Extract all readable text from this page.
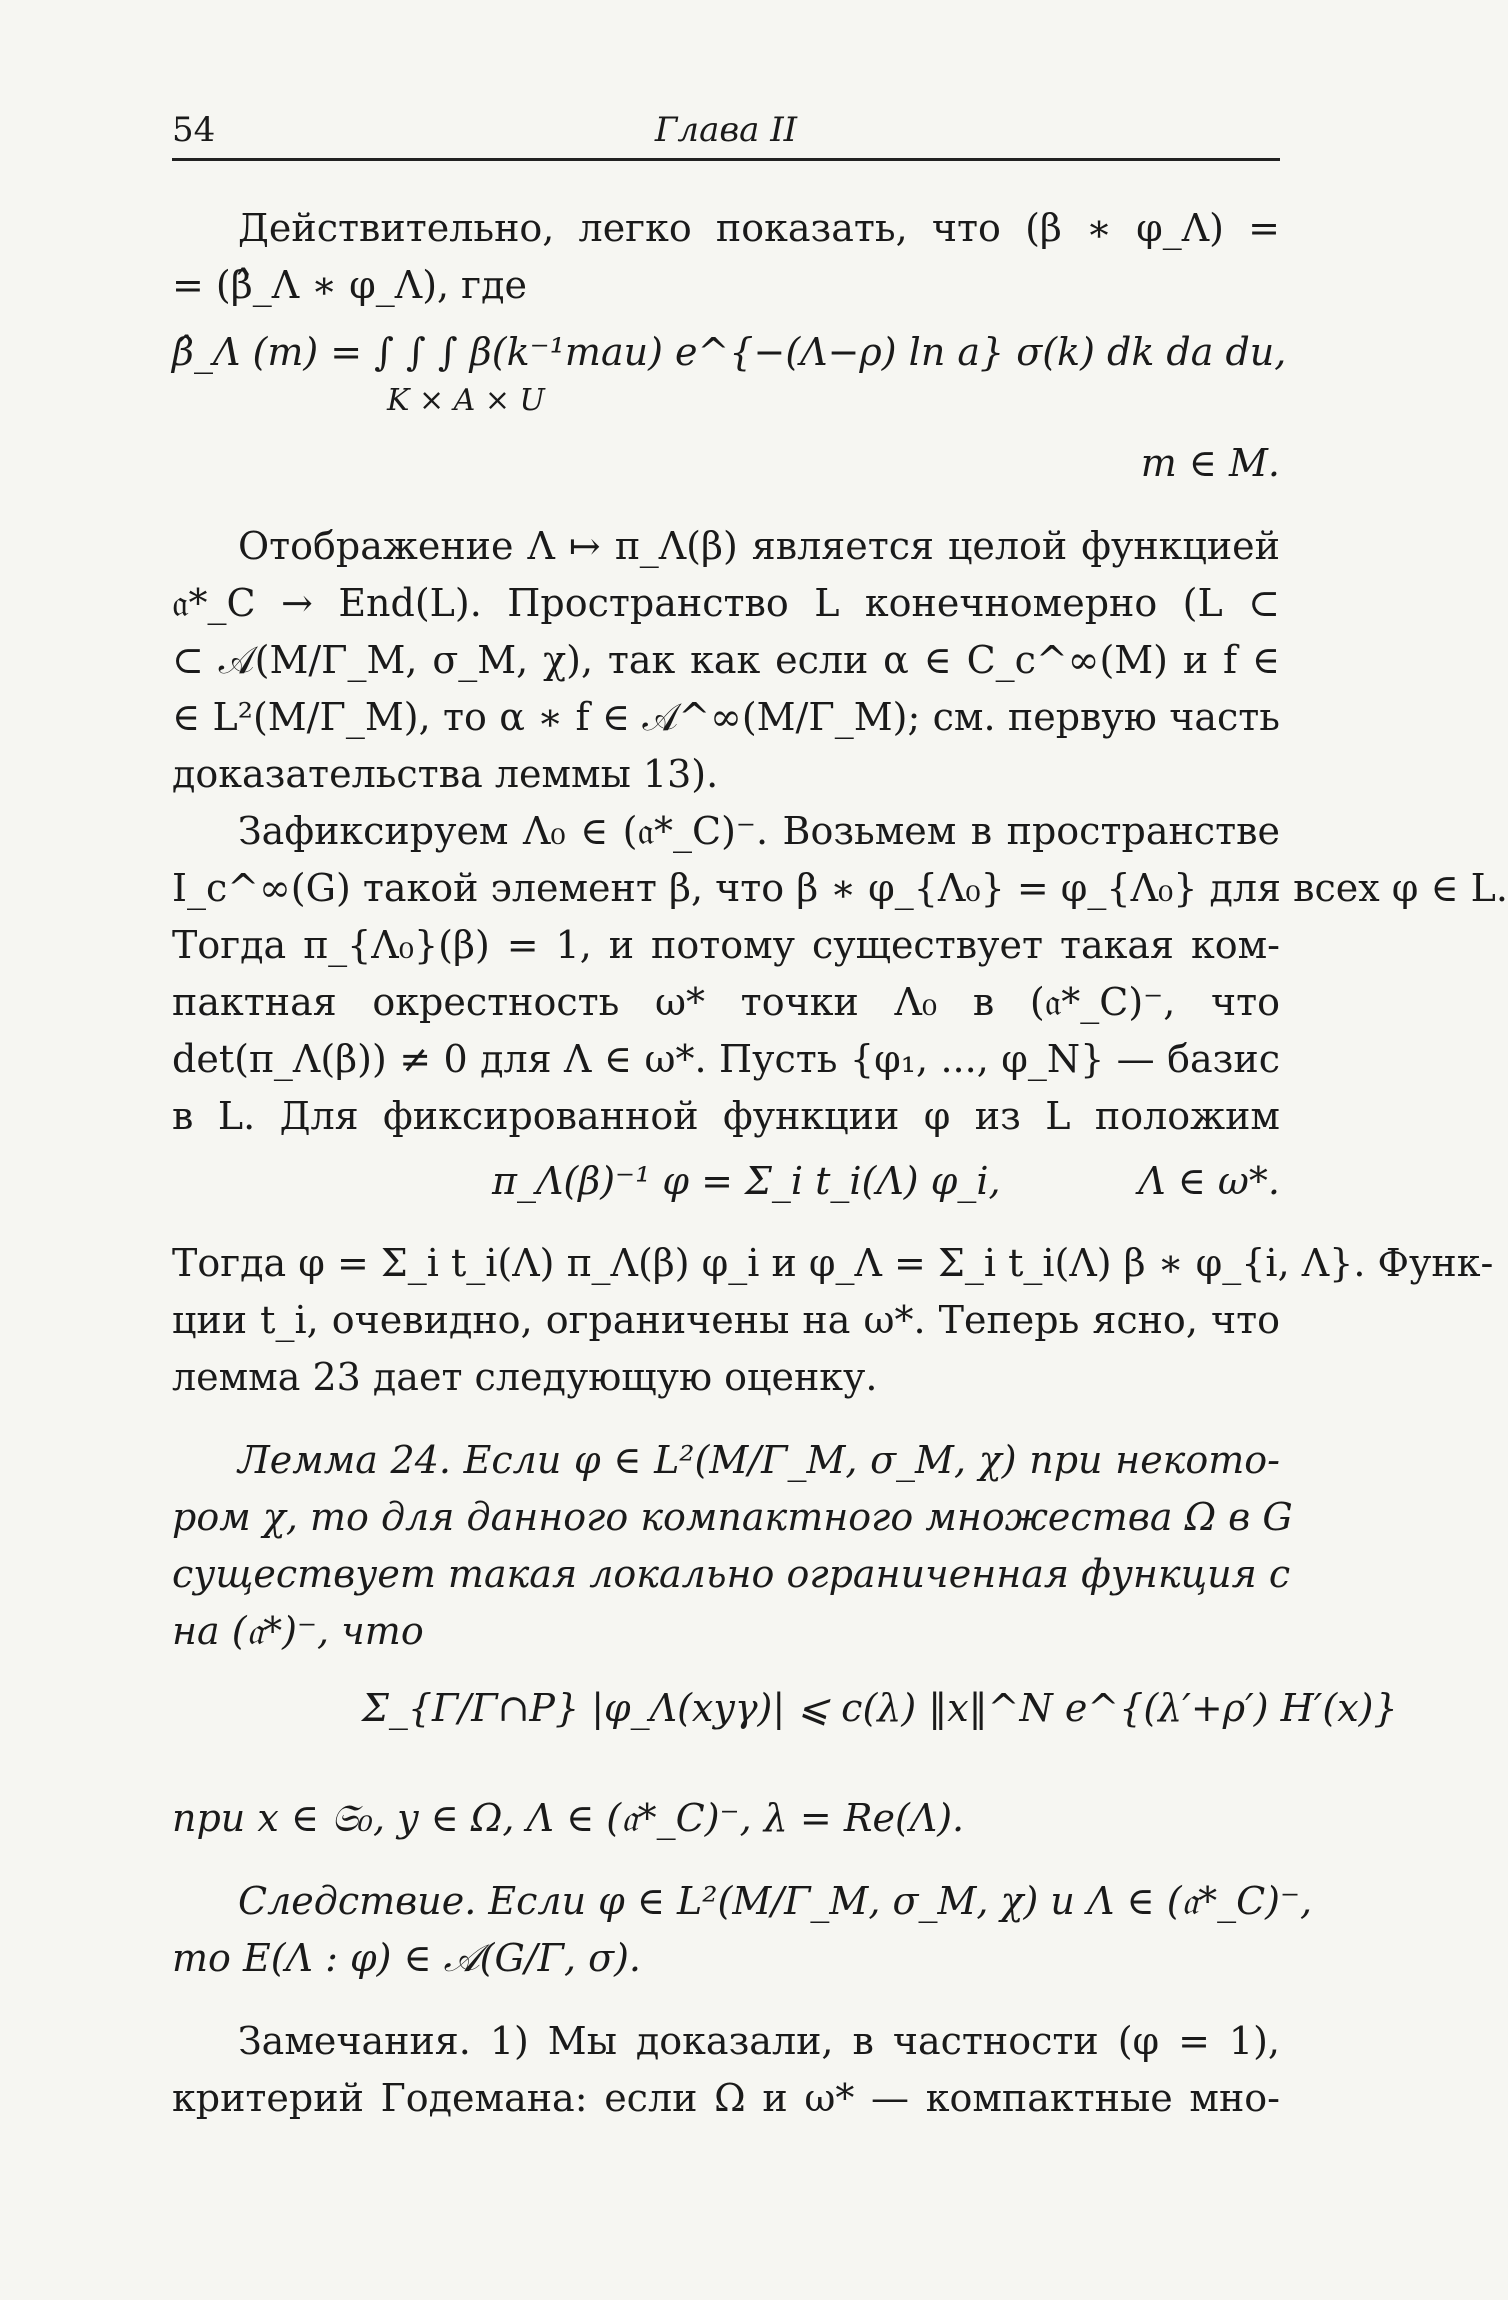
54	Глава II
Действительно, легко показать, что (β ∗ φ_Λ) =
= (β̂_Λ ∗ φ_Λ), где
β̂_Λ (m) = ∫ ∫ ∫ β(k⁻¹mau) e^{−(Λ−ρ) ln a} σ(k) dk da du,
K × A × U
m ∈ M.
Отображение Λ ↦ π_Λ(β) является целой функцией
𝔞*_C → End(L). Пространство L конечномерно (L ⊂
⊂ 𝒜(M/Γ_M, σ_M, χ), так как если α ∈ C_c^∞(M) и f ∈
∈ L²(M/Γ_M), то α ∗ f ∈ 𝒜^∞(M/Γ_M); см. первую часть
доказательства леммы 13).
Зафиксируем Λ₀ ∈ (𝔞*_C)⁻. Возьмем в пространстве
I_c^∞(G) такой элемент β, что β ∗ φ_{Λ₀} = φ_{Λ₀} для всех φ ∈ L.
Тогда π_{Λ₀}(β) = 1, и потому существует такая ком-
пактная окрестность ω* точки Λ₀ в (𝔞*_C)⁻, что
det(π_Λ(β)) ≠ 0 для Λ ∈ ω*. Пусть {φ₁, ..., φ_N} — базис
в L. Для фиксированной функции φ из L положим
π_Λ(β)⁻¹ φ = Σ_i t_i(Λ) φ_i,	Λ ∈ ω*.
Тогда φ = Σ_i t_i(Λ) π_Λ(β) φ_i и φ_Λ = Σ_i t_i(Λ) β ∗ φ_{i, Λ}. Функ-
ции t_i, очевидно, ограничены на ω*. Теперь ясно, что
лемма 23 дает следующую оценку.
Лемма 24. Если φ ∈ L²(M/Γ_M, σ_M, χ) при некото-
ром χ, то для данного компактного множества Ω в G
существует такая локально ограниченная функция c
на (𝔞*)⁻, что
Σ_{Γ/Γ∩P} |φ_Λ(xyγ)| ⩽ c(λ) ‖x‖^N e^{(λ′+ρ′) H′(x)}
при x ∈ 𝔖₀, y ∈ Ω, Λ ∈ (𝔞*_C)⁻, λ = Re(Λ).
Следствие. Если φ ∈ L²(M/Γ_M, σ_M, χ) и Λ ∈ (𝔞*_C)⁻,
то E(Λ : φ) ∈ 𝒜(G/Γ, σ).
Замечания. 1) Мы доказали, в частности (φ = 1),
критерий Годемана: если Ω и ω* — компактные мно-
